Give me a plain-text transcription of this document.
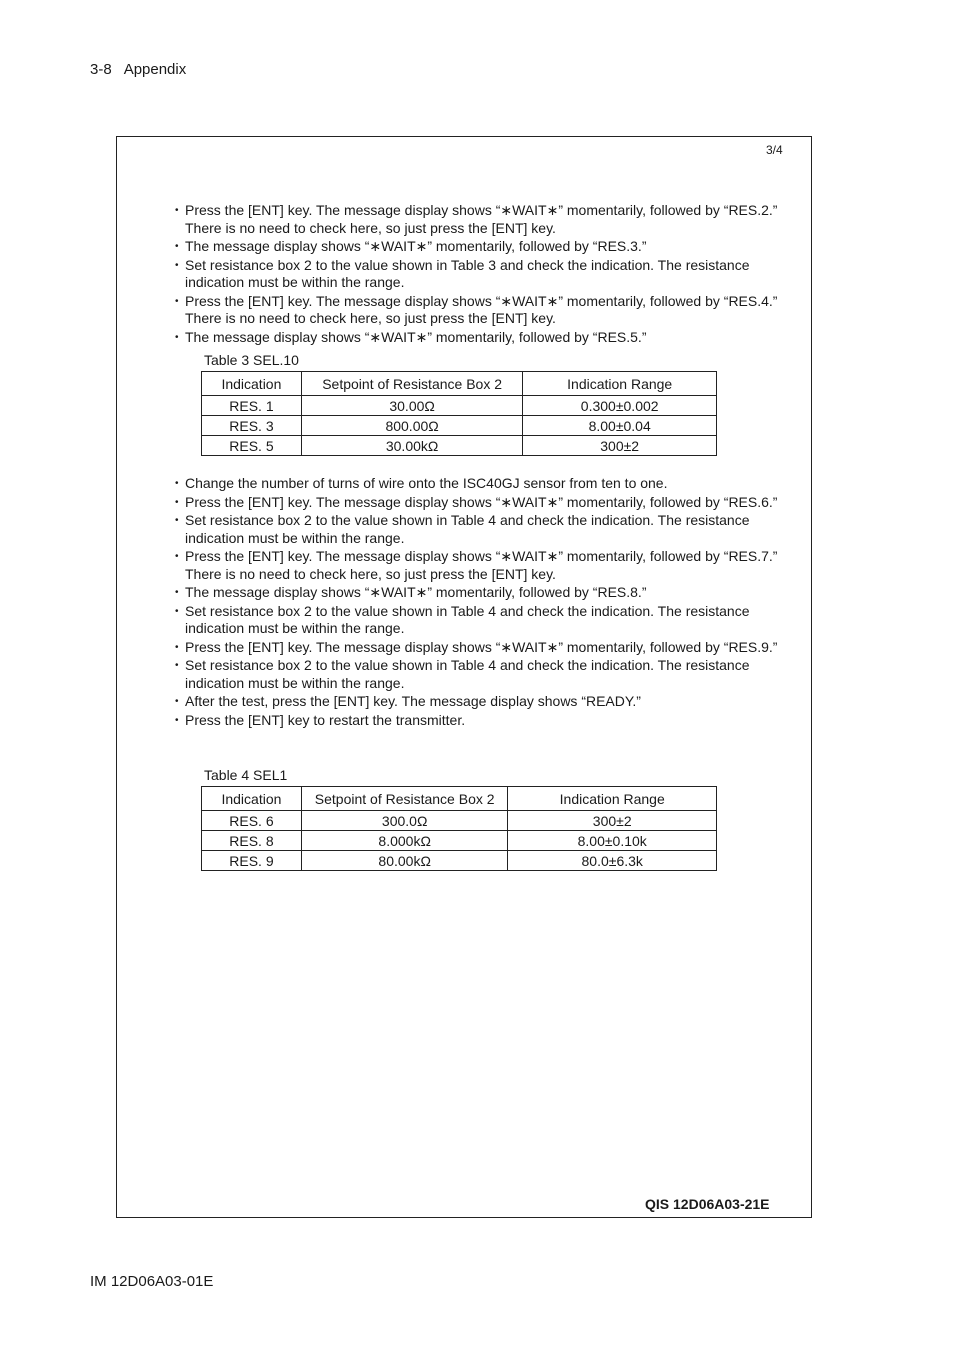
3-8 Appendix
3/4
• Press the [ENT] key. The message display shows “∗WAIT∗” momentarily, followed by “RES.2.” There is no need to check here, so just press the [ENT] key.
• The message display shows “∗WAIT∗” momentarily, followed by “RES.3.”
• Set resistance box 2 to the value shown in Table 3 and check the indication. The resistance indication must be within the range.
• Press the [ENT] key. The message display shows “∗WAIT∗” momentarily, followed by “RES.4.” There is no need to check here, so just press the [ENT] key.
• The message display shows “∗WAIT∗” momentarily, followed by “RES.5.”
Table 3 SEL.10
Indication	Setpoint of Resistance Box 2	Indication Range
RES. 1	30.00Ω	0.300±0.002
RES. 3	800.00Ω	8.00±0.04
RES. 5	30.00kΩ	300±2
• Change the number of turns of wire onto the ISC40GJ sensor from ten to one.
• Press the [ENT] key. The message display shows “∗WAIT∗” momentarily, followed by “RES.6.”
• Set resistance box 2 to the value shown in Table 4 and check the indication. The resistance indication must be within the range.
• Press the [ENT] key. The message display shows “∗WAIT∗” momentarily, followed by “RES.7.” There is no need to check here, so just press the [ENT] key.
• The message display shows “∗WAIT∗” momentarily, followed by “RES.8.”
• Set resistance box 2 to the value shown in Table 4 and check the indication. The resistance indication must be within the range.
• Press the [ENT] key. The message display shows “∗WAIT∗” momentarily, followed by “RES.9.”
• Set resistance box 2 to the value shown in Table 4 and check the indication. The resistance indication must be within the range.
• After the test, press the [ENT] key. The message display shows “READY.”
• Press the [ENT] key to restart the transmitter.
Table 4 SEL1
Indication	Setpoint of Resistance Box 2	Indication Range
RES. 6	300.0Ω	300±2
RES. 8	8.000kΩ	8.00±0.10k
RES. 9	80.00kΩ	80.0±6.3k
QIS 12D06A03-21E
IM 12D06A03-01E
